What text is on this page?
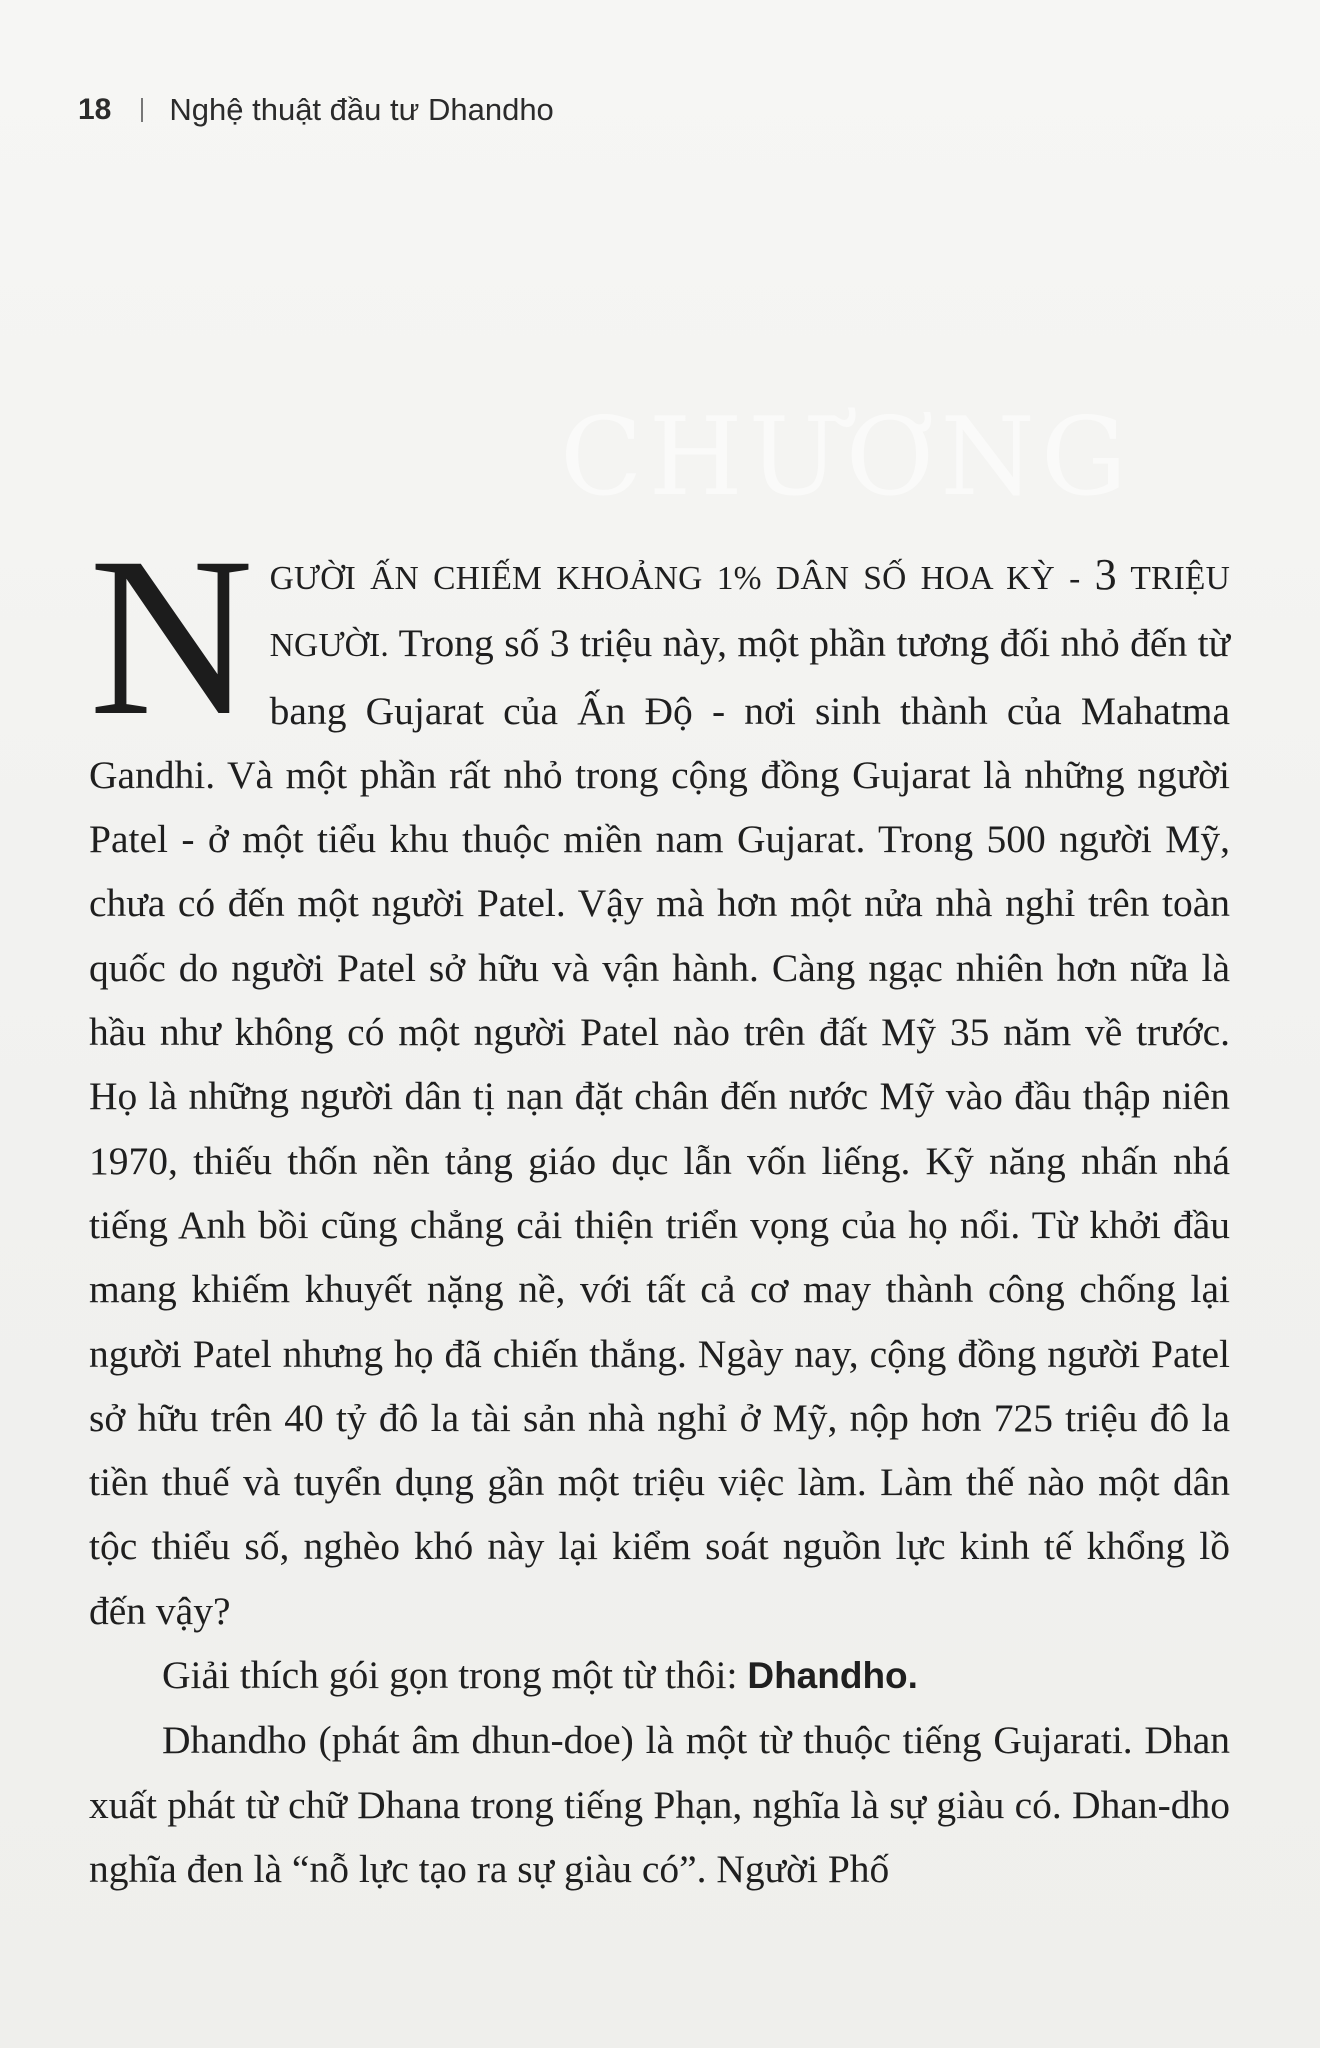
CHƯƠNG
18 Nghệ thuật đầu tư Dhandho

NGƯỜI ẤN CHIẾM KHOẢNG 1% DÂN SỐ HOA KỲ - 3 TRIỆU NGƯỜI. Trong số 3 triệu này, một phần tương đối nhỏ đến từ bang Gujarat của Ấn Độ - nơi sinh thành của Mahatma Gandhi. Và một phần rất nhỏ trong cộng đồng Gujarat là những người Patel - ở một tiểu khu thuộc miền nam Gujarat. Trong 500 người Mỹ, chưa có đến một người Patel. Vậy mà hơn một nửa nhà nghỉ trên toàn quốc do người Patel sở hữu và vận hành. Càng ngạc nhiên hơn nữa là hầu như không có một người Patel nào trên đất Mỹ 35 năm về trước. Họ là những người dân tị nạn đặt chân đến nước Mỹ vào đầu thập niên 1970, thiếu thốn nền tảng giáo dục lẫn vốn liếng. Kỹ năng nhấn nhá tiếng Anh bồi cũng chẳng cải thiện triển vọng của họ nổi. Từ khởi đầu mang khiếm khuyết nặng nề, với tất cả cơ may thành công chống lại người Patel nhưng họ đã chiến thắng. Ngày nay, cộng đồng người Patel sở hữu trên 40 tỷ đô la tài sản nhà nghỉ ở Mỹ, nộp hơn 725 triệu đô la tiền thuế và tuyển dụng gần một triệu việc làm. Làm thế nào một dân tộc thiểu số, nghèo khó này lại kiểm soát nguồn lực kinh tế khổng lồ đến vậy?

Giải thích gói gọn trong một từ thôi: Dhandho.

Dhandho (phát âm dhun-doe) là một từ thuộc tiếng Gujarati. Dhan xuất phát từ chữ Dhana trong tiếng Phạn, nghĩa là sự giàu có. Dhan-dho nghĩa đen là “nỗ lực tạo ra sự giàu có”. Người Phố
